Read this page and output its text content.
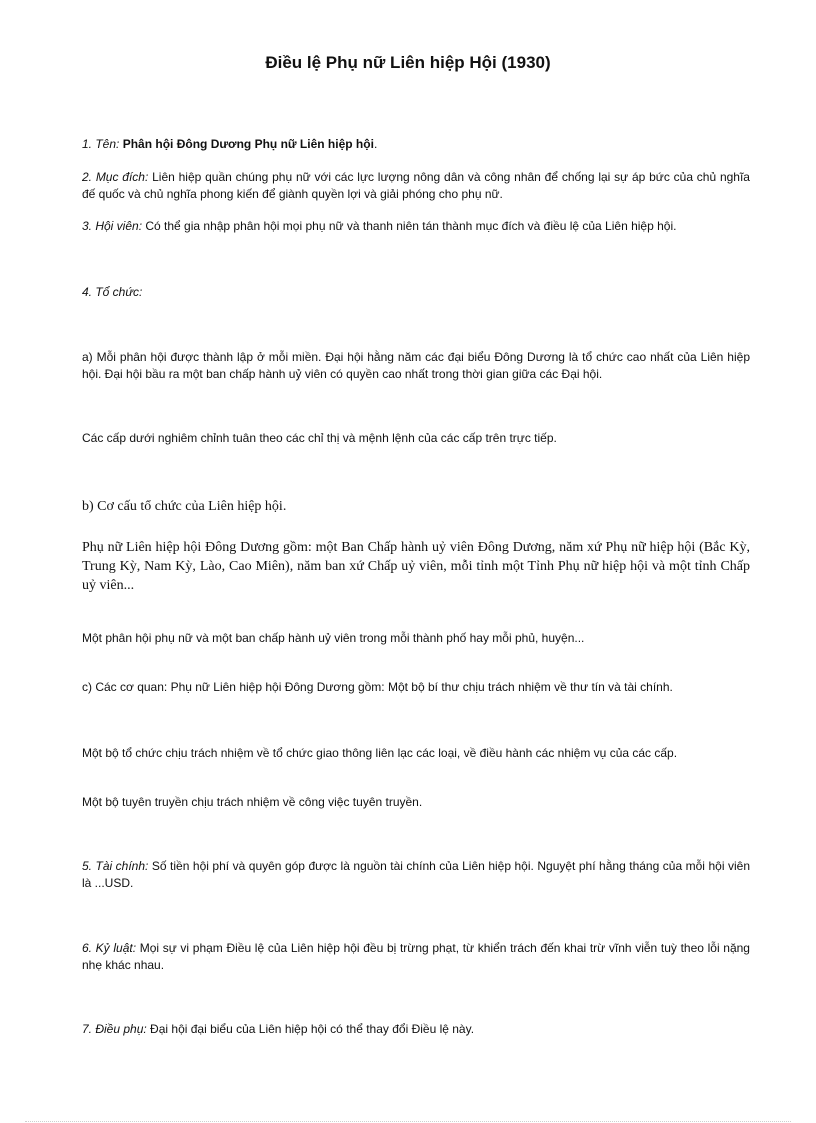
Điều lệ Phụ nữ Liên hiệp Hội (1930)

1. Tên: Phân hội Đông Dương Phụ nữ Liên hiệp hội.

2. Mục đích: Liên hiệp quần chúng phụ nữ với các lực lượng nông dân và công nhân để chống lại sự áp bức của chủ nghĩa đế quốc và chủ nghĩa phong kiến để giành quyền lợi và giải phóng cho phụ nữ.

3. Hội viên: Có thể gia nhập phân hội mọi phụ nữ và thanh niên tán thành mục đích và điều lệ của Liên hiệp hội.

4. Tổ chức:

a) Mỗi phân hội được thành lập ở mỗi miền. Đại hội hằng năm các đại biểu Đông Dương là tổ chức cao nhất của Liên hiệp hội. Đại hội bầu ra một ban chấp hành uỷ viên có quyền cao nhất trong thời gian giữa các Đại hội.

Các cấp dưới nghiêm chỉnh tuân theo các chỉ thị và mệnh lệnh của các cấp trên trực tiếp.

b) Cơ cấu tổ chức của Liên hiệp hội.

Phụ nữ Liên hiệp hội Đông Dương gồm: một Ban Chấp hành uỷ viên Đông Dương, năm xứ Phụ nữ hiệp hội (Bắc Kỳ, Trung Kỳ, Nam Kỳ, Lào, Cao Miên), năm ban xứ Chấp uỷ viên, mỗi tỉnh một Tỉnh Phụ nữ hiệp hội và một tỉnh Chấp uỷ viên...

Một phân hội phụ nữ và một ban chấp hành uỷ viên trong mỗi thành phố hay mỗi phủ, huyện...

c) Các cơ quan: Phụ nữ Liên hiệp hội Đông Dương gồm: Một bộ bí thư chịu trách nhiệm về thư tín và tài chính.

Một bộ tổ chức chịu trách nhiệm về tổ chức giao thông liên lạc các loại, về điều hành các nhiệm vụ của các cấp.

Một bộ tuyên truyền chịu trách nhiệm về công việc tuyên truyền.

5. Tài chính: Số tiền hội phí và quyên góp được là nguồn tài chính của Liên hiệp hội. Nguyệt phí hằng tháng của mỗi hội viên là ...USD.

6. Kỷ luật: Mọi sự vi phạm Điều lệ của Liên hiệp hội đều bị trừng phạt, từ khiển trách đến khai trừ vĩnh viễn tuỳ theo lỗi nặng nhẹ khác nhau.

7. Điều phụ: Đại hội đại biểu của Liên hiệp hội có thể thay đổi Điều lệ này.
